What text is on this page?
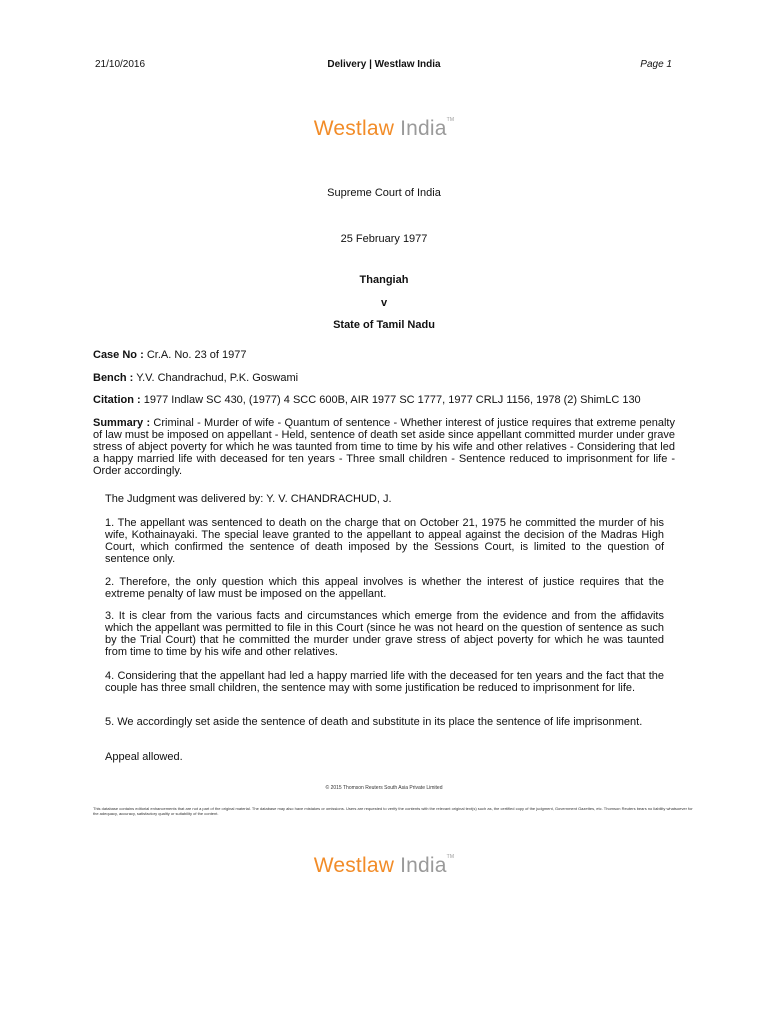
21/10/2016	Delivery | Westlaw India	Page 1
Westlaw India™
Supreme Court of India
25 February 1977
Thangiah
v
State of Tamil Nadu
Case No : Cr.A. No. 23 of 1977
Bench : Y.V. Chandrachud, P.K. Goswami
Citation : 1977 Indlaw SC 430, (1977) 4 SCC 600B, AIR 1977 SC 1777, 1977 CRLJ 1156, 1978 (2) ShimLC 130
Summary : Criminal - Murder of wife - Quantum of sentence - Whether interest of justice requires that extreme penalty of law must be imposed on appellant - Held, sentence of death set aside since appellant committed murder under grave stress of abject poverty for which he was taunted from time to time by his wife and other relatives - Considering that led a happy married life with deceased for ten years - Three small children - Sentence reduced to imprisonment for life - Order accordingly.
The Judgment was delivered by: Y. V. CHANDRACHUD, J.
1. The appellant was sentenced to death on the charge that on October 21, 1975 he committed the murder of his wife, Kothainayaki. The special leave granted to the appellant to appeal against the decision of the Madras High Court, which confirmed the sentence of death imposed by the Sessions Court, is limited to the question of sentence only.
2. Therefore, the only question which this appeal involves is whether the interest of justice requires that the extreme penalty of law must be imposed on the appellant.
3. It is clear from the various facts and circumstances which emerge from the evidence and from the affidavits which the appellant was permitted to file in this Court (since he was not heard on the question of sentence as such by the Trial Court) that he committed the murder under grave stress of abject poverty for which he was taunted from time to time by his wife and other relatives.
4. Considering that the appellant had led a happy married life with the deceased for ten years and the fact that the couple has three small children, the sentence may with some justification be reduced to imprisonment for life.
5. We accordingly set aside the sentence of death and substitute in its place the sentence of life imprisonment.
Appeal allowed.
© 2015 Thomson Reuters South Asia Private Limited
This database contains editorial enhancements that are not a part of the original material. The database may also have mistakes or omissions. Users are requested to verify the contents with the relevant original text(s) such as, the certified copy of the judgment, Government Gazettes, etc. Thomson Reuters bears no liability whatsoever for the adequacy, accuracy, satisfactory quality or suitability of the content.
Westlaw India™
